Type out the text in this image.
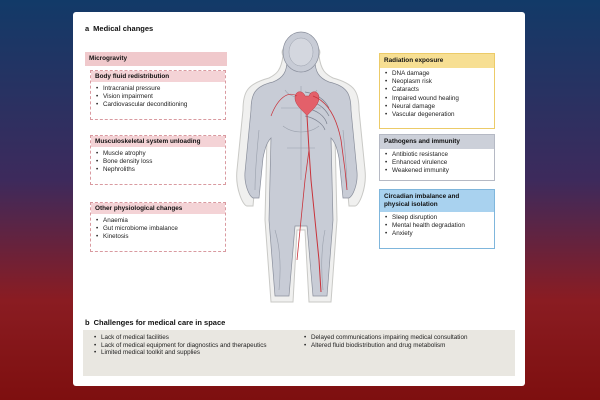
a Medical changes
Microgravity
Body fluid redistribution
• Intracranial pressure
• Vision impairment
• Cardiovascular deconditioning
Musculoskeletal system unloading
• Muscle atrophy
• Bone density loss
• Nephroliths
Other physiological changes
• Anaemia
• Gut microbiome imbalance
• Kinetosis
Radiation exposure
• DNA damage
• Neoplasm risk
• Cataracts
• Impaired wound healing
• Neural damage
• Vascular degeneration
Pathogens and immunity
• Antibiotic resistance
• Enhanced virulence
• Weakened immunity
Circadian imbalance and
physical isolation
• Sleep disruption
• Mental health degradation
• Anxiety
b Challenges for medical care in space
• Lack of medical facilities
• Lack of medical equipment for diagnostics and therapeutics
• Limited medical toolkit and supplies
• Delayed communications impairing medical consultation
• Altered fluid biodistribution and drug metabolism
